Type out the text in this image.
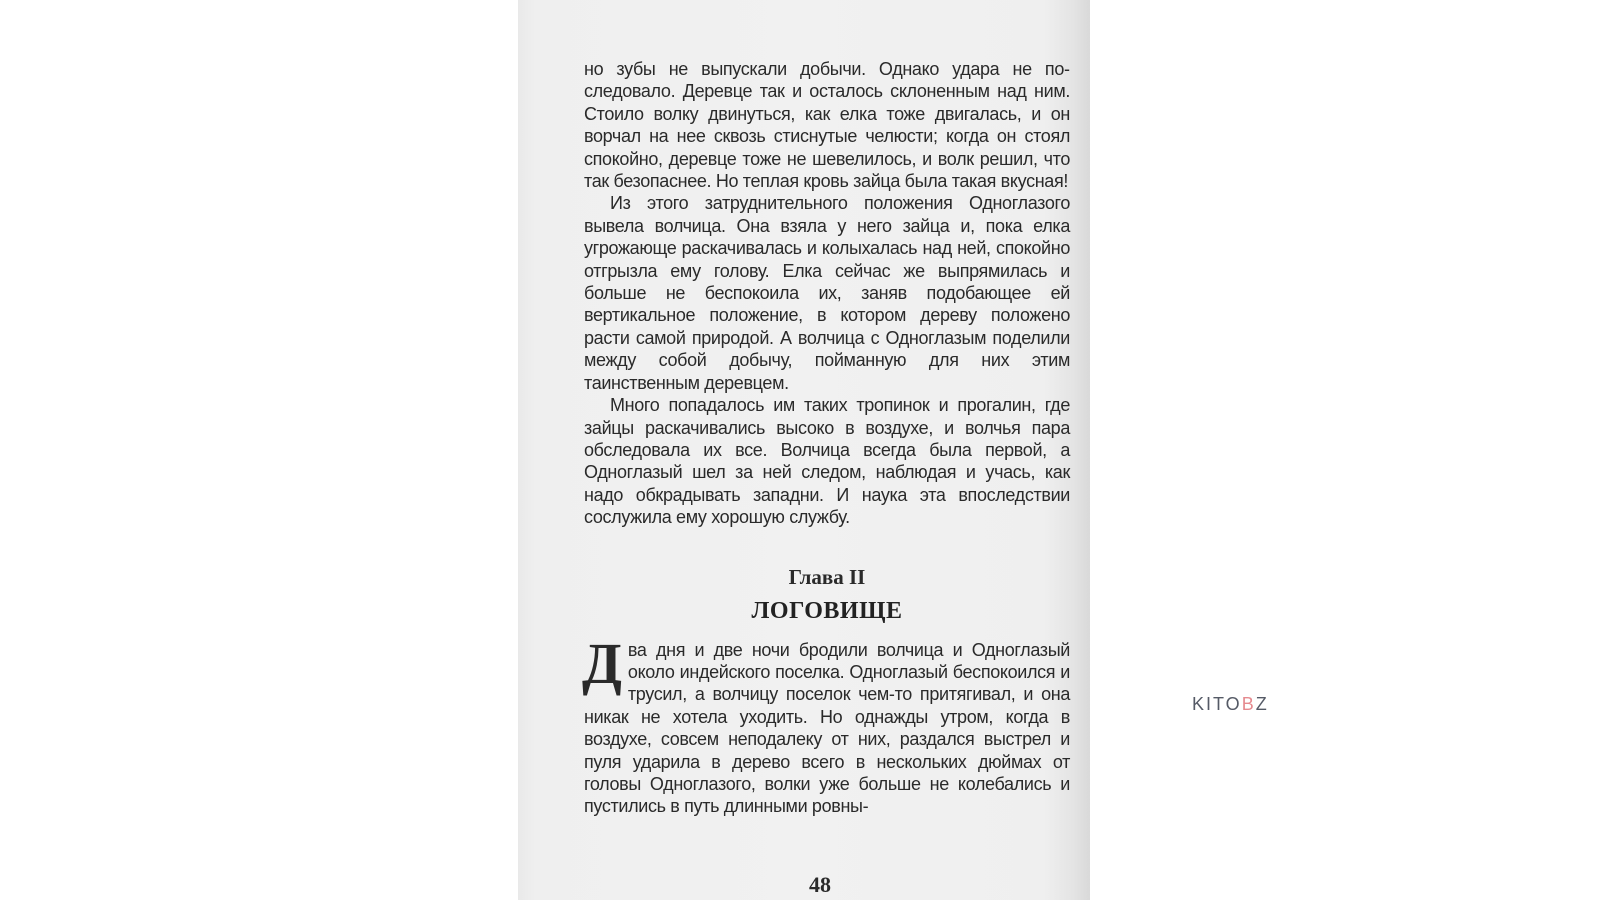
но зубы не выпускали добычи. Однако удара не последовало. Деревце так и осталось склоненным над ним. Стоило волку двинуться, как елка тоже двигалась, и он ворчал на нее сквозь стиснутые челюсти; когда он стоял спокойно, деревце тоже не шевелилось, и волк решил, что так безопаснее. Но теплая кровь зайца была такая вкусная!

Из этого затруднительного положения Одноглазого вывела волчица. Она взяла у него зайца и, пока елка угрожающе раскачивалась и колыхалась над ней, спокойно отгрызла ему голову. Елка сейчас же выпрямилась и больше не беспокоила их, заняв подобающее ей вертикальное положение, в котором дереву положено расти самой природой. А волчица с Одноглазым поделили между собой добычу, пойманную для них этим таинственным деревцем.

Много попадалось им таких тропинок и прогалин, где зайцы раскачивались высоко в воздухе, и волчья пара обследовала их все. Волчица всегда была первой, а Одноглазый шел за ней следом, наблюдая и учась, как надо обкрадывать западни. И наука эта впоследствии сослужила ему хорошую службу.

Глава II
ЛОГОВИЩЕ
Д ва дня и две ночи бродили волчица и Одноглазый около индейского поселка. Одноглазый беспокоился и трусил, а волчицу поселок чем-то притягивал, и она никак не хотела уходить. Но однажды утром, когда в воздухе, совсем неподалеку от них, раздался выстрел и пуля ударила в дерево всего в нескольких дюймах от головы Одноглазого, волки уже больше не колебались и пустились в путь длинными ровны-

48
KITOBZ
